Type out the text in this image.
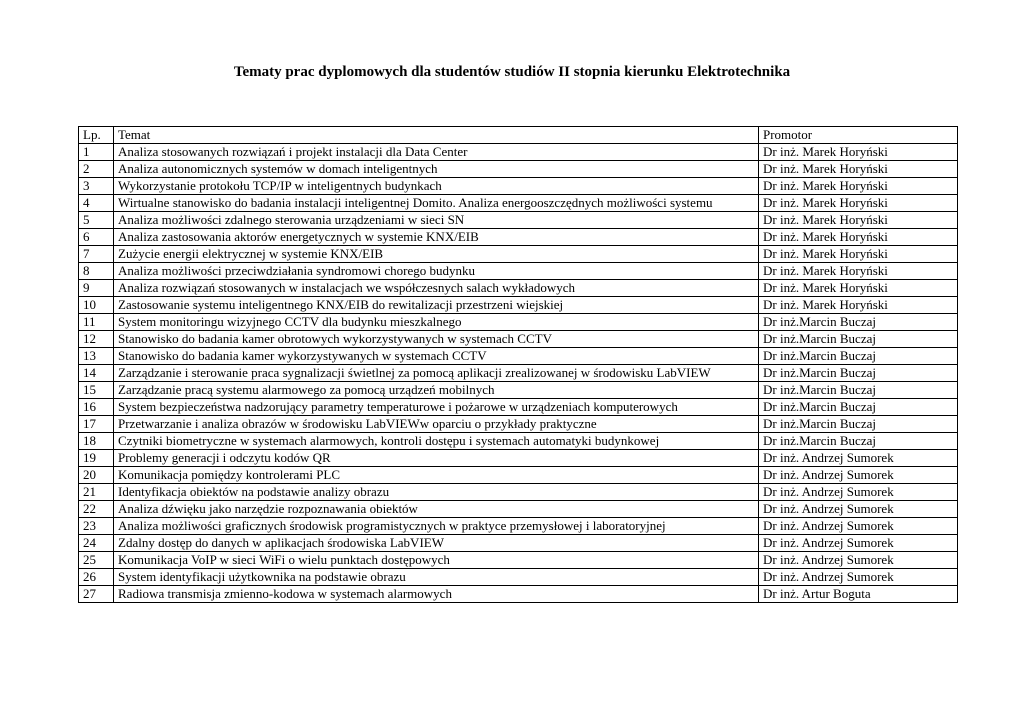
Tematy prac dyplomowych dla studentów studiów II stopnia kierunku Elektrotechnika
Lp.	Temat	Promotor
1	Analiza stosowanych rozwiązań i projekt instalacji dla Data Center	Dr inż. Marek Horyński
2	Analiza autonomicznych systemów w domach inteligentnych	Dr inż. Marek Horyński
3	Wykorzystanie protokołu TCP/IP w inteligentnych budynkach	Dr inż. Marek Horyński
4	Wirtualne stanowisko do badania instalacji inteligentnej Domito. Analiza energooszczędnych możliwości systemu	Dr inż. Marek Horyński
5	Analiza możliwości zdalnego sterowania urządzeniami w sieci SN	Dr inż. Marek Horyński
6	Analiza zastosowania aktorów energetycznych w systemie KNX/EIB	Dr inż. Marek Horyński
7	Zużycie energii elektrycznej w systemie KNX/EIB	Dr inż. Marek Horyński
8	Analiza możliwości przeciwdziałania syndromowi chorego budynku	Dr inż. Marek Horyński
9	Analiza rozwiązań stosowanych w instalacjach we współczesnych salach wykładowych	Dr inż. Marek Horyński
10	Zastosowanie systemu inteligentnego KNX/EIB do rewitalizacji przestrzeni wiejskiej	Dr inż. Marek Horyński
11	System monitoringu wizyjnego CCTV dla budynku mieszkalnego	Dr inż.Marcin Buczaj
12	Stanowisko do badania kamer obrotowych wykorzystywanych w systemach CCTV	Dr inż.Marcin Buczaj
13	Stanowisko do badania kamer wykorzystywanych w systemach CCTV	Dr inż.Marcin Buczaj
14	Zarządzanie i sterowanie praca sygnalizacji świetlnej za pomocą aplikacji zrealizowanej w środowisku LabVIEW	Dr inż.Marcin Buczaj
15	Zarządzanie pracą systemu alarmowego za pomocą urządzeń mobilnych	Dr inż.Marcin Buczaj
16	System bezpieczeństwa nadzorujący parametry temperaturowe i pożarowe w urządzeniach komputerowych	Dr inż.Marcin Buczaj
17	Przetwarzanie i analiza obrazów w środowisku LabVIEWw oparciu o przykłady praktyczne	Dr inż.Marcin Buczaj
18	Czytniki biometryczne w systemach alarmowych, kontroli dostępu i systemach automatyki budynkowej	Dr inż.Marcin Buczaj
19	Problemy generacji i odczytu kodów QR	Dr inż. Andrzej Sumorek
20	Komunikacja pomiędzy kontrolerami PLC	Dr inż. Andrzej Sumorek
21	Identyfikacja obiektów na podstawie analizy obrazu	Dr inż. Andrzej Sumorek
22	Analiza dźwięku jako narzędzie rozpoznawania obiektów	Dr inż. Andrzej Sumorek
23	Analiza możliwości graficznych środowisk programistycznych w praktyce przemysłowej i laboratoryjnej	Dr inż. Andrzej Sumorek
24	Zdalny dostęp do danych w aplikacjach środowiska LabVIEW	Dr inż. Andrzej Sumorek
25	Komunikacja VoIP w sieci WiFi o wielu punktach dostępowych	Dr inż. Andrzej Sumorek
26	System identyfikacji użytkownika na podstawie obrazu	Dr inż. Andrzej Sumorek
27	Radiowa transmisja zmienno-kodowa w systemach alarmowych	Dr inż. Artur Boguta
